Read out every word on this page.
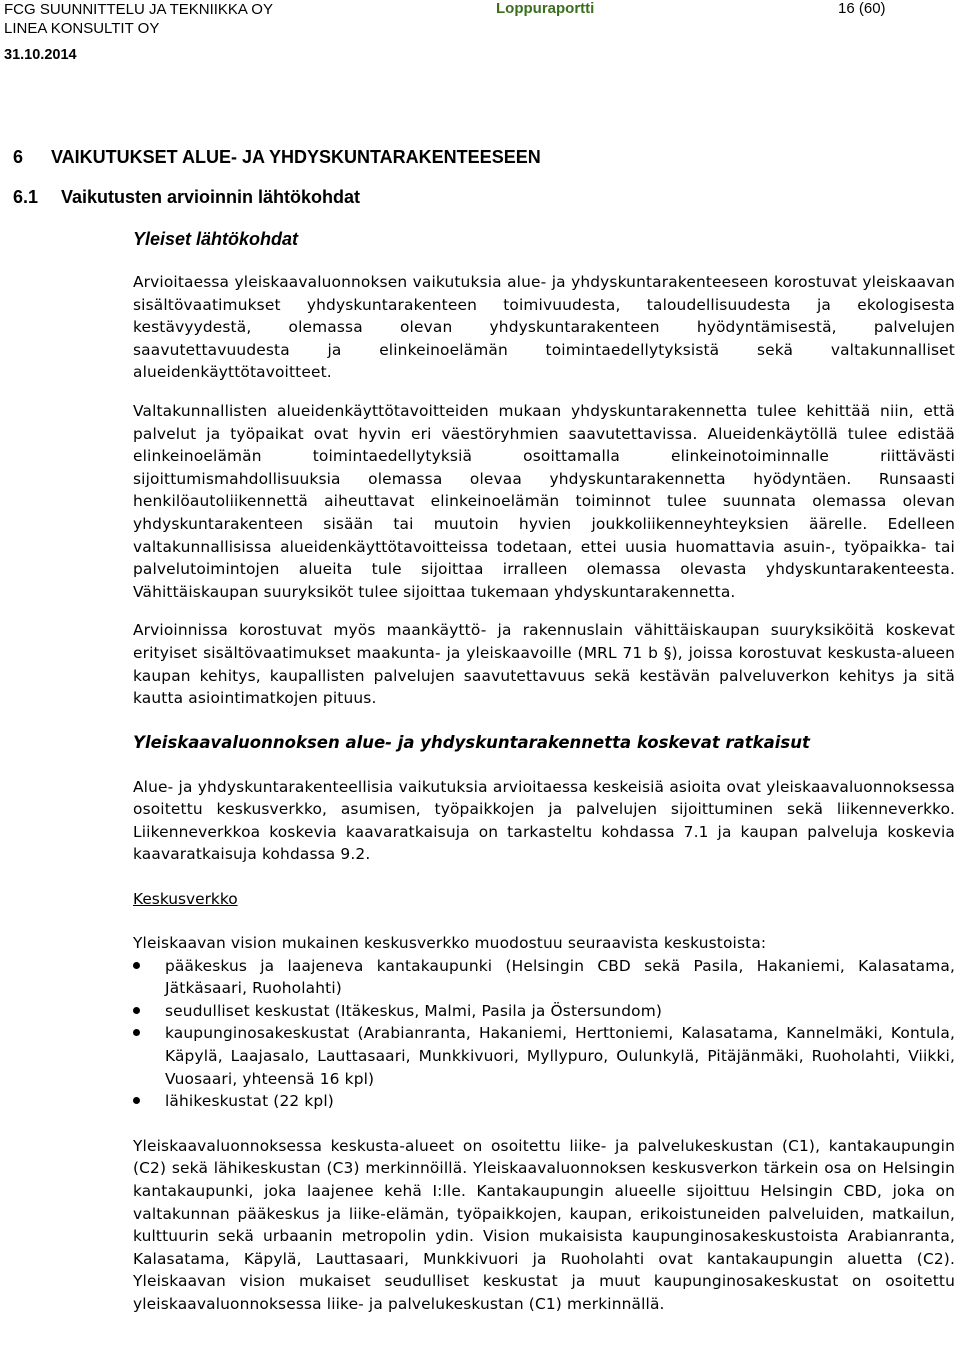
FCG SUUNNITTELU JA TEKNIIKKA OY
LINEA KONSULTIT OY
31.10.2014
Loppuraportti	16 (60)
6 VAIKUTUKSET ALUE- JA YHDYSKUNTARAKENTEESEEN
6.1 Vaikutusten arvioinnin lähtökohdat
Yleiset lähtökohdat

Arvioitaessa yleiskaavaluonnoksen vaikutuksia alue- ja yhdyskuntarakenteeseen korostuvat yleiskaavan sisältövaatimukset yhdyskuntarakenteen toimivuudesta, taloudellisuudesta ja ekologisesta kestävyydestä, olemassa olevan yhdyskuntarakenteen hyödyntämisestä, palvelujen saavutettavuudesta ja elinkeinoelämän toimintaedellytyksistä sekä valtakunnalliset alueidenkäyttötavoitteet.

Valtakunnallisten alueidenkäyttötavoitteiden mukaan yhdyskuntarakennetta tulee kehittää niin, että palvelut ja työpaikat ovat hyvin eri väestöryhmien saavutettavissa. Alueidenkäytöllä tulee edistää elinkeinoelämän toimintaedellytyksiä osoittamalla elinkeinotoiminnalle riittävästi sijoittumismahdollisuuksia olemassa olevaa yhdyskuntarakennetta hyödyntäen. Runsaasti henkilöautoliikennettä aiheuttavat elinkeinoelämän toiminnot tulee suunnata olemassa olevan yhdyskuntarakenteen sisään tai muutoin hyvien joukkoliikenneyhteyksien äärelle. Edelleen valtakunnallisissa alueidenkäyttötavoitteissa todetaan, ettei uusia huomattavia asuin-, työpaikka- tai palvelutoimintojen alueita tule sijoittaa irralleen olemassa olevasta yhdyskuntarakenteesta. Vähittäiskaupan suuryksiköt tulee sijoittaa tukemaan yhdyskuntarakennetta.

Arvioinnissa korostuvat myös maankäyttö- ja rakennuslain vähittäiskaupan suuryksiköitä koskevat erityiset sisältövaatimukset maakunta- ja yleiskaavoille (MRL 71 b §), joissa korostuvat keskusta-alueen kaupan kehitys, kaupallisten palvelujen saavutettavuus sekä kestävän palveluverkon kehitys ja sitä kautta asiointimatkojen pituus.

Yleiskaavaluonnoksen alue- ja yhdyskuntarakennetta koskevat ratkaisut

Alue- ja yhdyskuntarakenteellisia vaikutuksia arvioitaessa keskeisiä asioita ovat yleiskaavaluonnoksessa osoitettu keskusverkko, asumisen, työpaikkojen ja palvelujen sijoittuminen sekä liikenneverkko. Liikenneverkkoa koskevia kaavaratkaisuja on tarkasteltu kohdassa 7.1 ja kaupan palveluja koskevia kaavaratkaisuja kohdassa 9.2.

Keskusverkko

Yleiskaavan vision mukainen keskusverkko muodostuu seuraavista keskustoista:

pääkeskus ja laajeneva kantakaupunki (Helsingin CBD sekä Pasila, Hakaniemi, Kalasatama, Jätkäsaari, Ruoholahti)
seudulliset keskustat (Itäkeskus, Malmi, Pasila ja Östersundom)
kaupunginosakeskustat (Arabianranta, Hakaniemi, Herttoniemi, Kalasatama, Kannelmäki, Kontula, Käpylä, Laajasalo, Lauttasaari, Munkkivuori, Myllypuro, Oulunkylä, Pitäjänmäki, Ruoholahti, Viikki, Vuosaari, yhteensä 16 kpl)
lähikeskustat (22 kpl)

Yleiskaavaluonnoksessa keskusta-alueet on osoitettu liike- ja palvelukeskustan (C1), kantakaupungin (C2) sekä lähikeskustan (C3) merkinnöillä. Yleiskaavaluonnoksen keskusverkon tärkein osa on Helsingin kantakaupunki, joka laajenee kehä I:lle. Kantakaupungin alueelle sijoittuu Helsingin CBD, joka on valtakunnan pääkeskus ja liike-elämän, työpaikkojen, kaupan, erikoistuneiden palveluiden, matkailun, kulttuurin sekä urbaanin metropolin ydin. Vision mukaisista kaupunginosakeskustoista Arabianranta, Kalasatama, Käpylä, Lauttasaari, Munkkivuori ja Ruoholahti ovat kantakaupungin aluetta (C2). Yleiskaavan vision mukaiset seudulliset keskustat ja muut kaupunginosakeskustat on osoitettu yleiskaavaluonnoksessa liike- ja palvelukeskustan (C1) merkinnällä.
